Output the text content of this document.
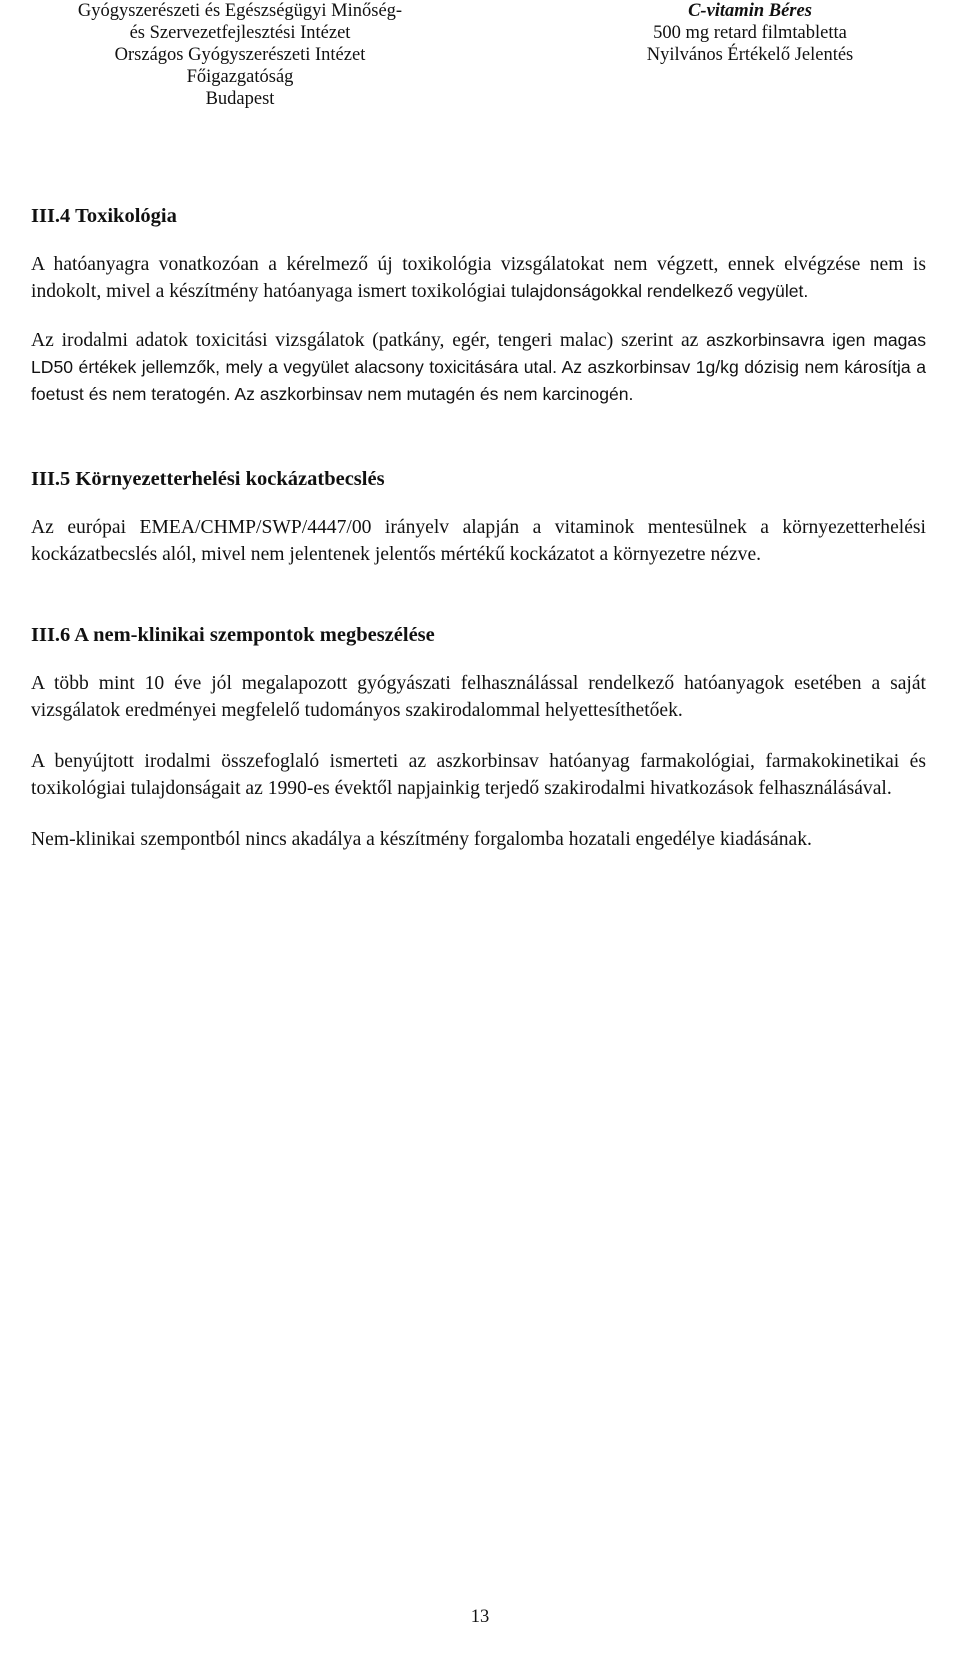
Gyógyszerészeti és Egészségügyi Minőség-
és Szervezetfejlesztési Intézet
Országos Gyógyszerészeti Intézet
Főigazgatóság
Budapest
C-vitamin Béres
500 mg retard filmtabletta
Nyilvános Értékelő Jelentés
III.4 Toxikológia

A hatóanyagra vonatkozóan a kérelmező új toxikológia vizsgálatokat nem végzett, ennek elvégzése nem is indokolt, mivel a készítmény hatóanyaga ismert toxikológiai tulajdonságokkal rendelkező vegyület.

Az irodalmi adatok toxicitási vizsgálatok (patkány, egér, tengeri malac) szerint az aszkorbinsavra igen magas LD50 értékek jellemzők, mely a vegyület alacsony toxicitására utal. Az aszkorbinsav 1g/kg dózisig nem károsítja a foetust és nem teratogén. Az aszkorbinsav nem mutagén és nem karcinogén.

III.5 Környezetterhelési kockázatbecslés

Az európai EMEA/CHMP/SWP/4447/00 irányelv alapján a vitaminok mentesülnek a környezetterhelési kockázatbecslés alól, mivel nem jelentenek jelentős mértékű kockázatot a környezetre nézve.

III.6 A nem-klinikai szempontok megbeszélése

A több mint 10 éve jól megalapozott gyógyászati felhasználással rendelkező hatóanyagok esetében a saját vizsgálatok eredményei megfelelő tudományos szakirodalommal helyettesíthetőek.

A benyújtott irodalmi összefoglaló ismerteti az aszkorbinsav hatóanyag farmakológiai, farmakokinetikai és toxikológiai tulajdonságait az 1990-es évektől napjainkig terjedő szakirodalmi hivatkozások felhasználásával.

Nem-klinikai szempontból nincs akadálya a készítmény forgalomba hozatali engedélye kiadásának.

13
